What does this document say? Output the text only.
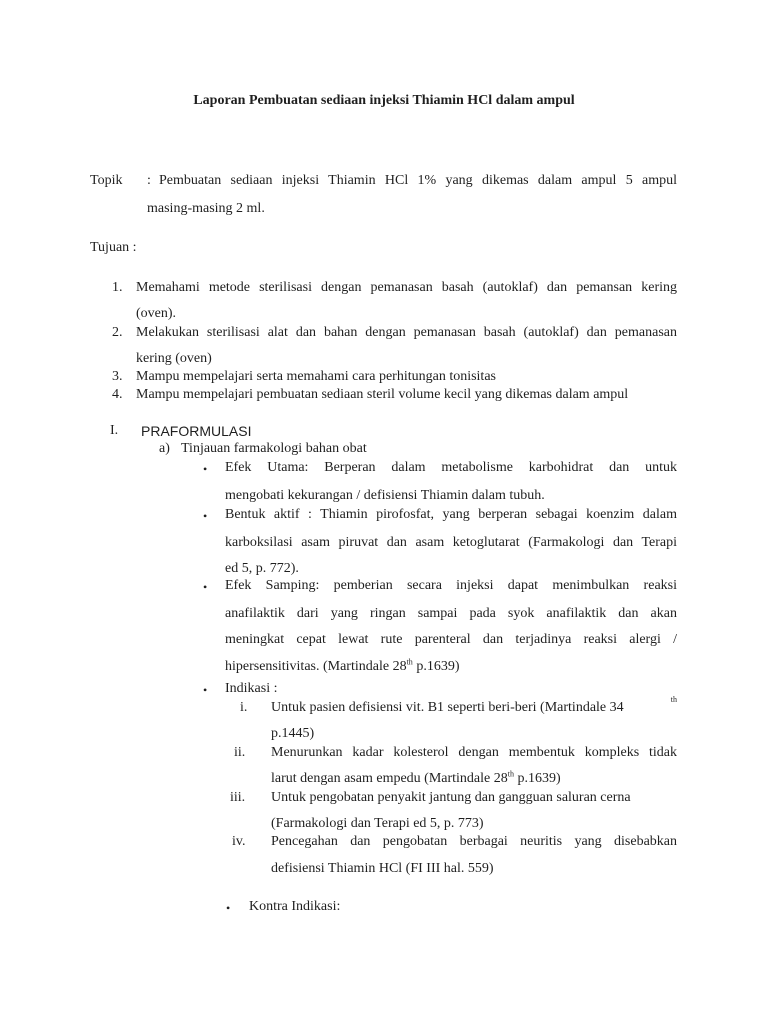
Laporan Pembuatan sediaan injeksi Thiamin HCl dalam ampul
Topik : Pembuatan sediaan injeksi Thiamin HCl 1% yang dikemas dalam ampul 5 ampul
masing-masing 2 ml.
Tujuan :
1. Memahami metode sterilisasi dengan pemanasan basah (autoklaf) dan pemansan kering
(oven).
2. Melakukan sterilisasi alat dan bahan dengan pemanasan basah (autoklaf) dan pemanasan
kering (oven)
3. Mampu mempelajari serta memahami cara perhitungan tonisitas
4. Mampu mempelajari pembuatan sediaan steril volume kecil yang dikemas dalam ampul
I. PRAFORMULASI
a) Tinjauan farmakologi bahan obat
• Efek Utama: Berperan dalam metabolisme karbohidrat dan untuk
mengobati kekurangan / defisiensi Thiamin dalam tubuh.
• Bentuk aktif : Thiamin pirofosfat, yang berperan sebagai koenzim dalam
karboksilasi asam piruvat dan asam ketoglutarat (Farmakologi dan Terapi
ed 5, p. 772).
• Efek Samping: pemberian secara injeksi dapat menimbulkan reaksi
anafilaktik dari yang ringan sampai pada syok anafilaktik dan akan
meningkat cepat lewat rute parenteral dan terjadinya reaksi alergi /
hipersensitivitas. (Martindale 28th p.1639)
• Indikasi :
i. Untuk pasien defisiensi vit. B1 seperti beri-beri (Martindale 34
th
p.1445)
ii. Menurunkan kadar kolesterol dengan membentuk kompleks tidak
larut dengan asam empedu (Martindale 28th p.1639)
iii. Untuk pengobatan penyakit jantung dan gangguan saluran cerna
(Farmakologi dan Terapi ed 5, p. 773)
iv. Pencegahan dan pengobatan berbagai neuritis yang disebabkan
defisiensi Thiamin HCl (FI III hal. 559)
• Kontra Indikasi:
